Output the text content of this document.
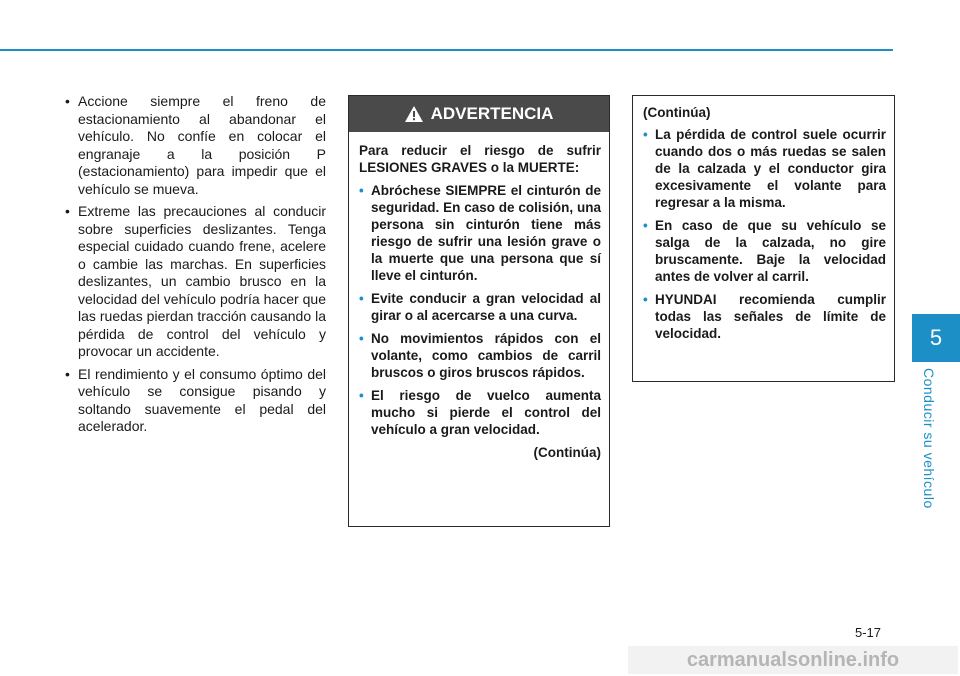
• Accione siempre el freno de estacionamiento al abandonar el vehículo. No confíe en colocar el engranaje a la posición P (estacionamiento) para impedir que el vehículo se mueva.
• Extreme las precauciones al conducir sobre superficies deslizantes. Tenga especial cuidado cuando frene, acelere o cambie las marchas. En superficies deslizantes, un cambio brusco en la velocidad del vehículo podría hacer que las ruedas pierdan tracción causando la pérdida de control del vehículo y provocar un accidente.
• El rendimiento y el consumo óptimo del vehículo se consigue pisando y soltando suavemente el pedal del acelerador.
ADVERTENCIA

Para reducir el riesgo de sufrir LESIONES GRAVES o la MUERTE:

• Abróchese SIEMPRE el cinturón de seguridad. En caso de colisión, una persona sin cinturón tiene más riesgo de sufrir una lesión grave o la muerte que una persona que sí lleve el cinturón.
• Evite conducir a gran velocidad al girar o al acercarse a una curva.
• No movimientos rápidos con el volante, como cambios de carril bruscos o giros bruscos rápidos.
• El riesgo de vuelco aumenta mucho si pierde el control del vehículo a gran velocidad.
(Continúa)
(Continúa)
• La pérdida de control suele ocurrir cuando dos o más ruedas se salen de la calzada y el conductor gira excesivamente el volante para regresar a la misma.
• En caso de que su vehículo se salga de la calzada, no gire bruscamente. Baje la velocidad antes de volver al carril.
• HYUNDAI recomienda cumplir todas las señales de límite de velocidad.	5
Conducir su vehículo
5-17
carmanualsonline.info
